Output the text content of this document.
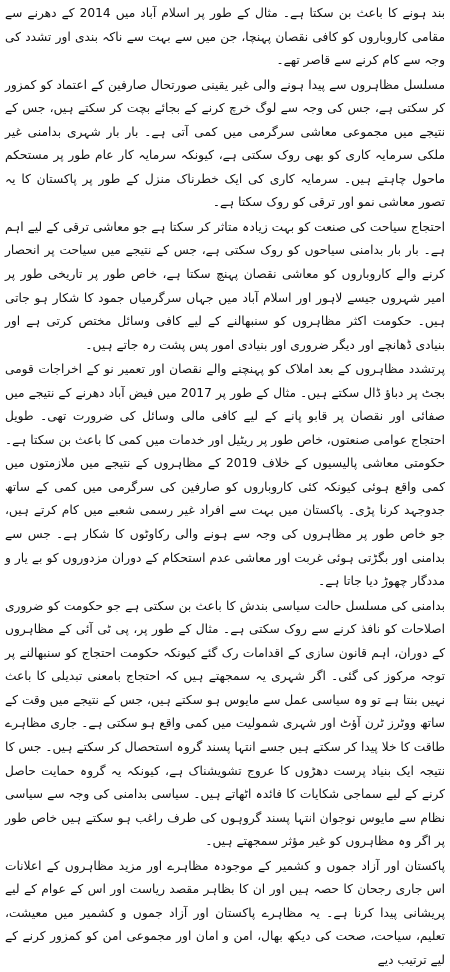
بند ہونے کا باعث بن سکتا ہے۔ مثال کے طور پر اسلام آباد میں 2014 کے دھرنے سے مقامی کاروباروں کو کافی نقصان پہنچا، جن میں سے بہت سے ناکہ بندی اور تشدد کی وجہ سے کام کرنے سے قاصر تھے۔

مسلسل مظاہروں سے پیدا ہونے والی غیر یقینی صورتحال صارفین کے اعتماد کو کمزور کر سکتی ہے، جس کی وجہ سے لوگ خرچ کرنے کے بجائے بچت کر سکتے ہیں، جس کے نتیجے میں مجموعی معاشی سرگرمی میں کمی آتی ہے۔ بار بار شہری بدامنی غیر ملکی سرمایہ کاری کو بھی روک سکتی ہے، کیونکہ سرمایہ کار عام طور پر مستحکم ماحول چاہتے ہیں۔ سرمایہ کاری کی ایک خطرناک منزل کے طور پر پاکستان کا یہ تصور معاشی نمو اور ترقی کو روک سکتا ہے۔

احتجاج سیاحت کی صنعت کو بہت زیادہ متاثر کر سکتا ہے جو معاشی ترقی کے لیے اہم ہے۔ بار بار بدامنی سیاحوں کو روک سکتی ہے، جس کے نتیجے میں سیاحت پر انحصار کرنے والے کاروباروں کو معاشی نقصان پہنچ سکتا ہے، خاص طور پر تاریخی طور پر امیر شہروں جیسے لاہور اور اسلام آباد میں جہاں سرگرمیاں جمود کا شکار ہو جاتی ہیں۔ حکومت اکثر مظاہروں کو سنبھالنے کے لیے کافی وسائل مختص کرتی ہے اور بنیادی ڈھانچے اور دیگر ضروری اور بنیادی امور پس پشت رہ جاتے ہیں۔

پرتشدد مظاہروں کے بعد املاک کو پہنچنے والے نقصان اور تعمیر نو کے اخراجات قومی بجٹ پر دباؤ ڈال سکتے ہیں۔ مثال کے طور پر 2017 میں فیض آباد دھرنے کے نتیجے میں صفائی اور نقصان پر قابو پانے کے لیے کافی مالی وسائل کی ضرورت تھی۔ طویل احتجاج عوامی صنعتوں، خاص طور پر ریٹیل اور خدمات میں کمی کا باعث بن سکتا ہے۔ حکومتی معاشی پالیسیوں کے خلاف 2019 کے مظاہروں کے نتیجے میں ملازمتوں میں کمی واقع ہوئی کیونکہ کئی کاروباروں کو صارفین کی سرگرمی میں کمی کے ساتھ جدوجہد کرنا پڑی۔ پاکستان میں بہت سے افراد غیر رسمی شعبے میں کام کرتے ہیں، جو خاص طور پر مظاہروں کی وجہ سے ہونے والی رکاوٹوں کا شکار ہے۔ جس سے بدامنی اور بگڑتی ہوئی غربت اور معاشی عدم استحکام کے دوران مزدوروں کو بے یار و مددگار چھوڑ دیا جاتا ہے۔

بدامنی کی مسلسل حالت سیاسی بندش کا باعث بن سکتی ہے جو حکومت کو ضروری اصلاحات کو نافذ کرنے سے روک سکتی ہے۔ مثال کے طور پر، پی ٹی آئی کے مظاہروں کے دوران، اہم قانون سازی کے اقدامات رک گئے کیونکہ حکومت احتجاج کو سنبھالنے پر توجہ مرکوز کی گئی۔ اگر شہری یہ سمجھتے ہیں کہ احتجاج بامعنی تبدیلی کا باعث نہیں بنتا ہے تو وہ سیاسی عمل سے مایوس ہو سکتے ہیں، جس کے نتیجے میں وقت کے ساتھ ووٹرز ٹرن آؤٹ اور شہری شمولیت میں کمی واقع ہو سکتی ہے۔ جاری مظاہرے طاقت کا خلا پیدا کر سکتے ہیں جسے انتہا پسند گروہ استحصال کر سکتے ہیں۔ جس کا نتیجہ ایک بنیاد پرست دھڑوں کا عروج تشویشناک ہے، کیونکہ یہ گروہ حمایت حاصل کرنے کے لیے سماجی شکایات کا فائدہ اٹھاتے ہیں۔ سیاسی بدامنی کی وجہ سے سیاسی نظام سے مایوس نوجوان انتہا پسند گروہوں کی طرف راغب ہو سکتے ہیں خاص طور پر اگر وہ مظاہروں کو غیر مؤثر سمجھتے ہیں۔

پاکستان اور آزاد جموں و کشمیر کے موجودہ مظاہرے اور مزید مظاہروں کے اعلانات اس جاری رجحان کا حصہ ہیں اور ان کا بظاہر مقصد ریاست اور اس کے عوام کے لیے پریشانی پیدا کرنا ہے۔ یہ مظاہرے پاکستان اور آزاد جموں و کشمیر میں معیشت، تعلیم، سیاحت، صحت کی دیکھ بھال، امن و امان اور مجموعی امن کو کمزور کرنے کے لیے ترتیب دیے
